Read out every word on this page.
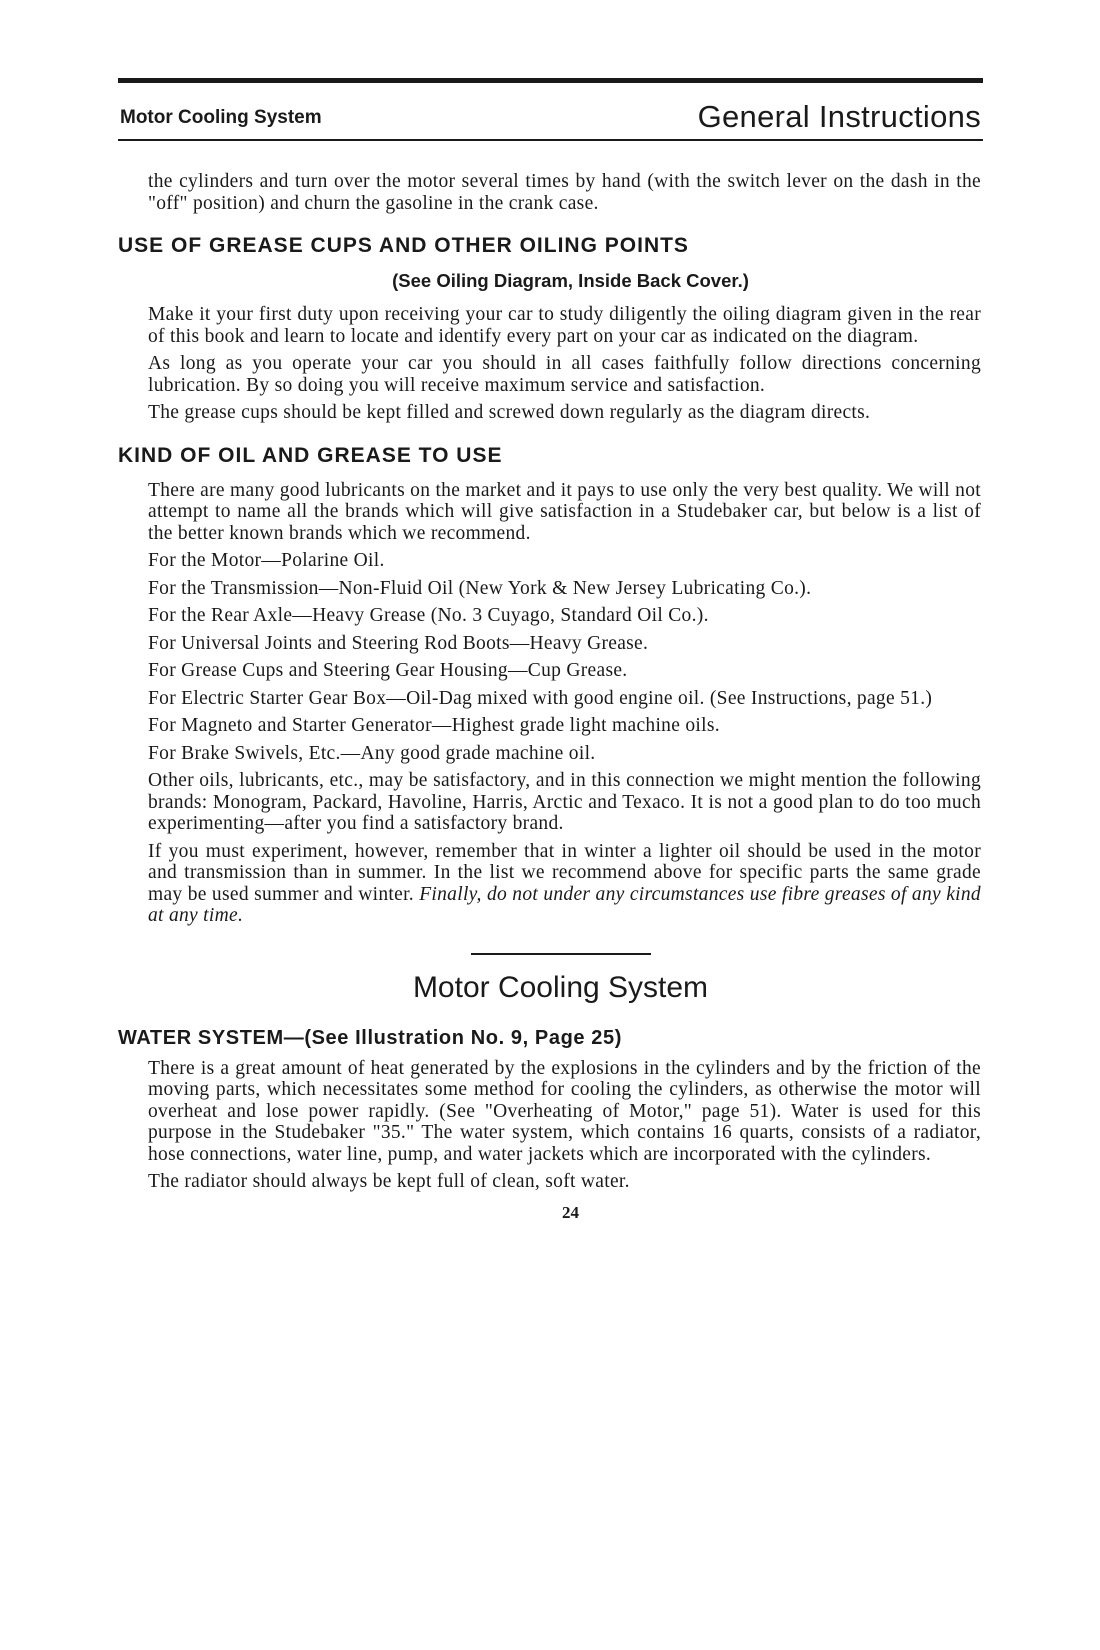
Motor Cooling System	General Instructions

the cylinders and turn over the motor several times by hand (with the switch lever on the dash in the "off" position) and churn the gasoline in the crank case.

USE OF GREASE CUPS AND OTHER OILING POINTS
(See Oiling Diagram, Inside Back Cover.)

Make it your first duty upon receiving your car to study diligently the oiling diagram given in the rear of this book and learn to locate and identify every part on your car as indicated on the diagram.

As long as you operate your car you should in all cases faithfully follow directions concerning lubrication. By so doing you will receive maximum service and satisfaction.

The grease cups should be kept filled and screwed down regularly as the diagram directs.

KIND OF OIL AND GREASE TO USE

There are many good lubricants on the market and it pays to use only the very best quality. We will not attempt to name all the brands which will give satisfaction in a Studebaker car, but below is a list of the better known brands which we recommend.

For the Motor—Polarine Oil.

For the Transmission—Non-Fluid Oil (New York & New Jersey Lubricating Co.).

For the Rear Axle—Heavy Grease (No. 3 Cuyago, Standard Oil Co.).

For Universal Joints and Steering Rod Boots—Heavy Grease.

For Grease Cups and Steering Gear Housing—Cup Grease.

For Electric Starter Gear Box—Oil-Dag mixed with good engine oil. (See Instructions, page 51.)

For Magneto and Starter Generator—Highest grade light machine oils.

For Brake Swivels, Etc.—Any good grade machine oil.

Other oils, lubricants, etc., may be satisfactory, and in this connection we might mention the following brands: Monogram, Packard, Havoline, Harris, Arctic and Texaco. It is not a good plan to do too much experimenting—after you find a satisfactory brand.

If you must experiment, however, remember that in winter a lighter oil should be used in the motor and transmission than in summer. In the list we recommend above for specific parts the same grade may be used summer and winter. Finally, do not under any circumstances use fibre greases of any kind at any time.

Motor Cooling System
WATER SYSTEM—(See Illustration No. 9, Page 25)

There is a great amount of heat generated by the explosions in the cylinders and by the friction of the moving parts, which necessitates some method for cooling the cylinders, as otherwise the motor will overheat and lose power rapidly. (See "Overheating of Motor," page 51). Water is used for this purpose in the Studebaker "35." The water system, which contains 16 quarts, consists of a radiator, hose connections, water line, pump, and water jackets which are incorporated with the cylinders.

The radiator should always be kept full of clean, soft water.

24
